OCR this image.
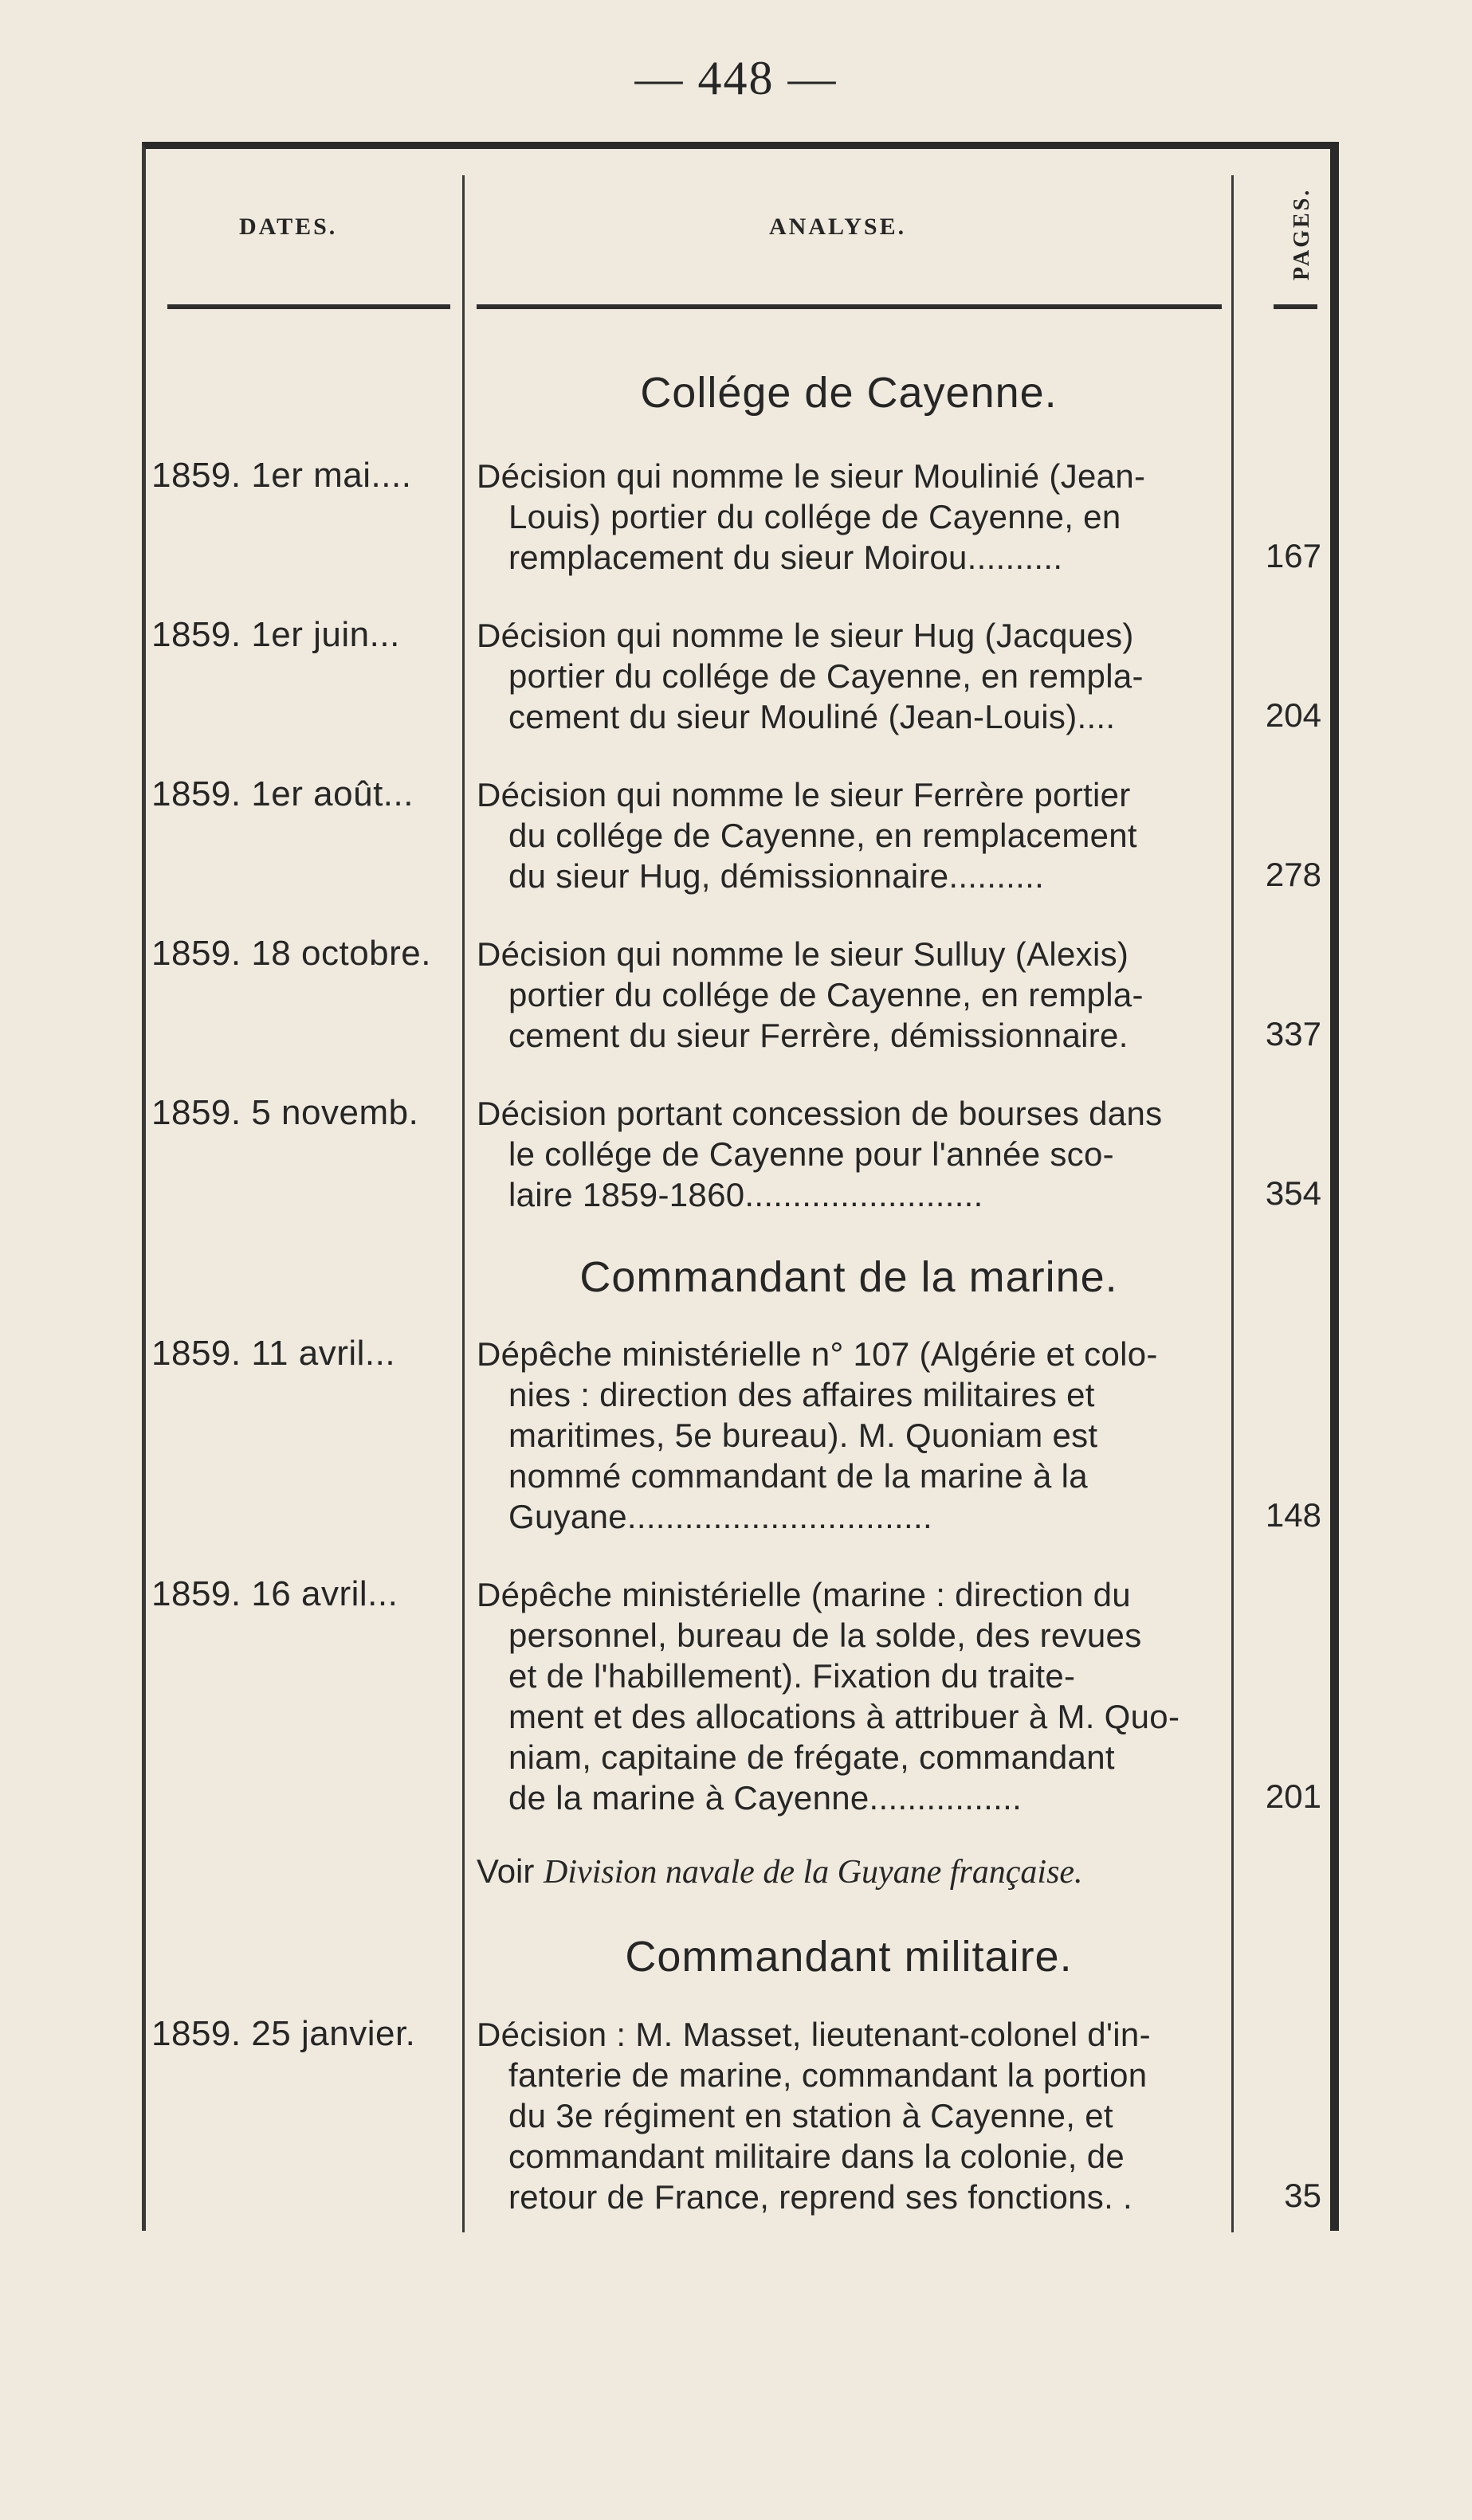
— 448 —
DATES.	ANALYSE.	PAGES.
Collége de Cayenne.
1859. 1er mai....	Décision qui nomme le sieur Moulinié (Jean-
Louis) portier du collége de Cayenne, en
remplacement du sieur Moirou..........	167
1859. 1er juin...	Décision qui nomme le sieur Hug (Jacques)
portier du collége de Cayenne, en rempla-
cement du sieur Mouliné (Jean-Louis)....	204
1859. 1er août...	Décision qui nomme le sieur Ferrère portier
du collége de Cayenne, en remplacement
du sieur Hug, démissionnaire..........	278
1859. 18 octobre.	Décision qui nomme le sieur Sulluy (Alexis)
portier du collége de Cayenne, en rempla-
cement du sieur Ferrère, démissionnaire.	337
1859. 5 novemb.	Décision portant concession de bourses dans
le collége de Cayenne pour l'année sco-
laire 1859-1860.........................	354
Commandant de la marine.
1859. 11 avril...	Dépêche ministérielle n° 107 (Algérie et colo-
nies : direction des affaires militaires et
maritimes, 5e bureau). M. Quoniam est
nommé commandant de la marine à la
Guyane................................	148
1859. 16 avril...	Dépêche ministérielle (marine : direction du
personnel, bureau de la solde, des revues
et de l'habillement). Fixation du traite-
ment et des allocations à attribuer à M. Quo-
niam, capitaine de frégate, commandant
de la marine à Cayenne................	201
Voir Division navale de la Guyane française.
Commandant militaire.
1859. 25 janvier.	Décision : M. Masset, lieutenant-colonel d'in-
fanterie de marine, commandant la portion
du 3e régiment en station à Cayenne, et
commandant militaire dans la colonie, de
retour de France, reprend ses fonctions. .	35
